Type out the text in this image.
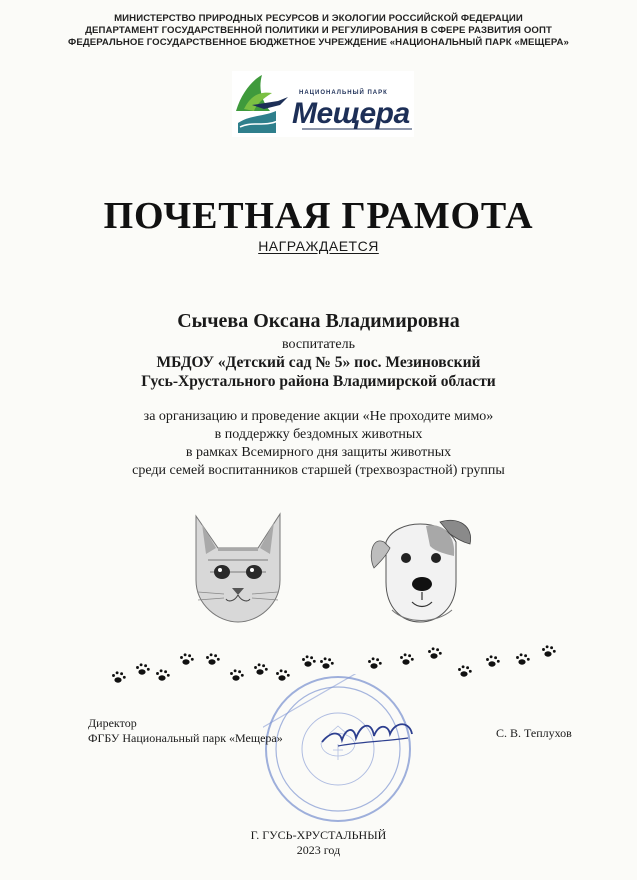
МИНИСТЕРСТВО ПРИРОДНЫХ РЕСУРСОВ И ЭКОЛОГИИ РОССИЙСКОЙ ФЕДЕРАЦИИ
ДЕПАРТАМЕНТ ГОСУДАРСТВЕННОЙ ПОЛИТИКИ И РЕГУЛИРОВАНИЯ В СФЕРЕ РАЗВИТИЯ ООПТ
ФЕДЕРАЛЬНОЕ ГОСУДАРСТВЕННОЕ БЮДЖЕТНОЕ УЧРЕЖДЕНИЕ «НАЦИОНАЛЬНЫЙ ПАРК «МЕЩЕРА»
НАЦИОНАЛЬНЫЙ ПАРК
Мещера
ПОЧЕТНАЯ ГРАМОТА
НАГРАЖДАЕТСЯ
Сычева Оксана Владимировна
воспитатель
МБДОУ «Детский сад № 5» пос. Мезиновский
Гусь-Хрустального района Владимирской области
за организацию и проведение акции «Не проходите мимо»
в поддержку бездомных животных
в рамках Всемирного дня защиты животных
среди семей воспитанников старшей (трехвозрастной) группы
Директор
ФГБУ Национальный парк «Мещера»	С. В. Теплухов
Г. ГУСЬ-ХРУСТАЛЬНЫЙ
2023 год
